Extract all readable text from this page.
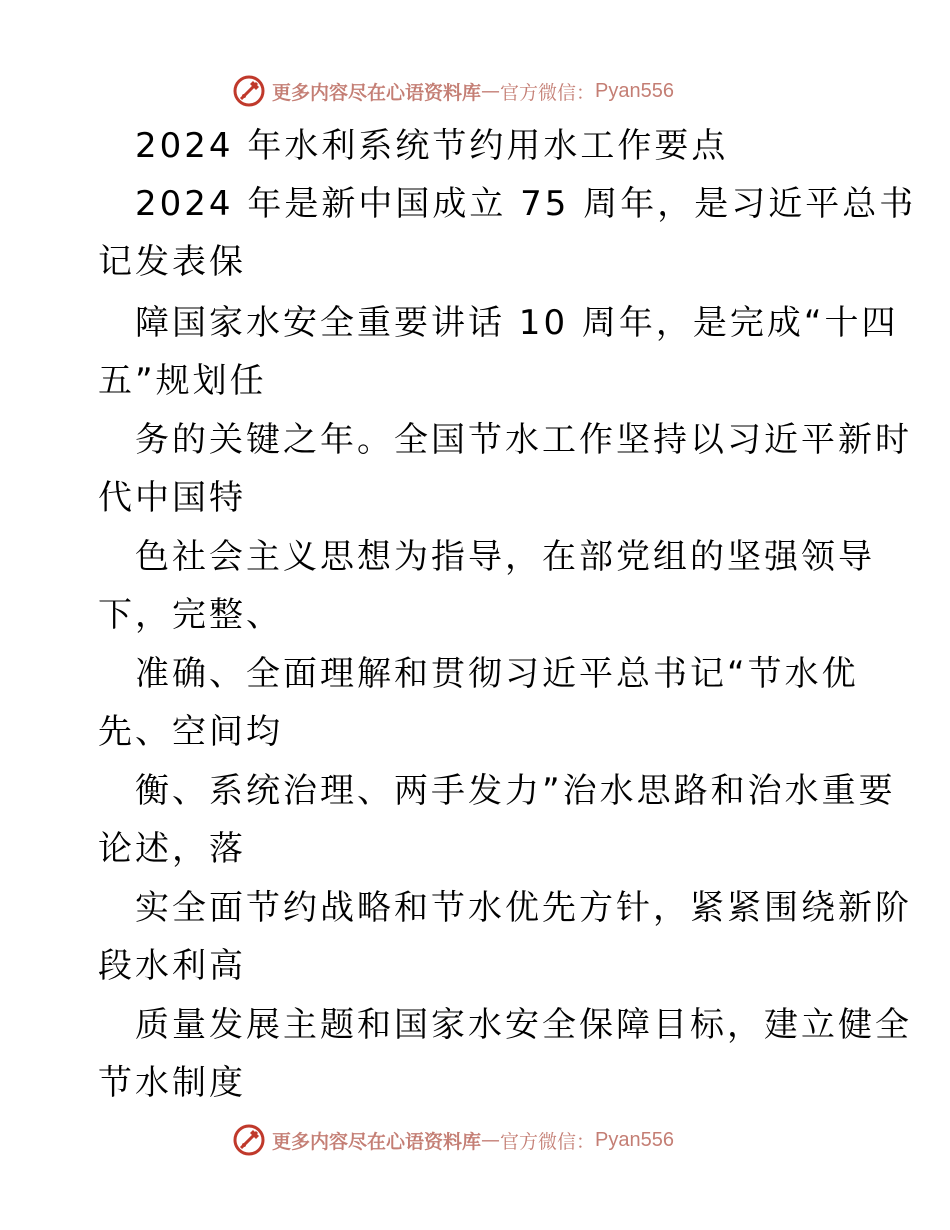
更多内容尽在心语资料库 — 官方微信： Pyan556
2024 年水利系统节约用水工作要点
2024 年是新中国成立 75 周年，是习近平总书
记发表保
障国家水安全重要讲话 10 周年，是完成“十四
五”规划任
务的关键之年。全国节水工作坚持以习近平新时
代中国特
色社会主义思想为指导，在部党组的坚强领导
下，完整、
准确、全面理解和贯彻习近平总书记“节水优
先、空间均
衡、系统治理、两手发力”治水思路和治水重要
论述，落
实全面节约战略和节水优先方针，紧紧围绕新阶
段水利高
质量发展主题和国家水安全保障目标，建立健全
节水制度
更多内容尽在心语资料库 — 官方微信： Pyan556
